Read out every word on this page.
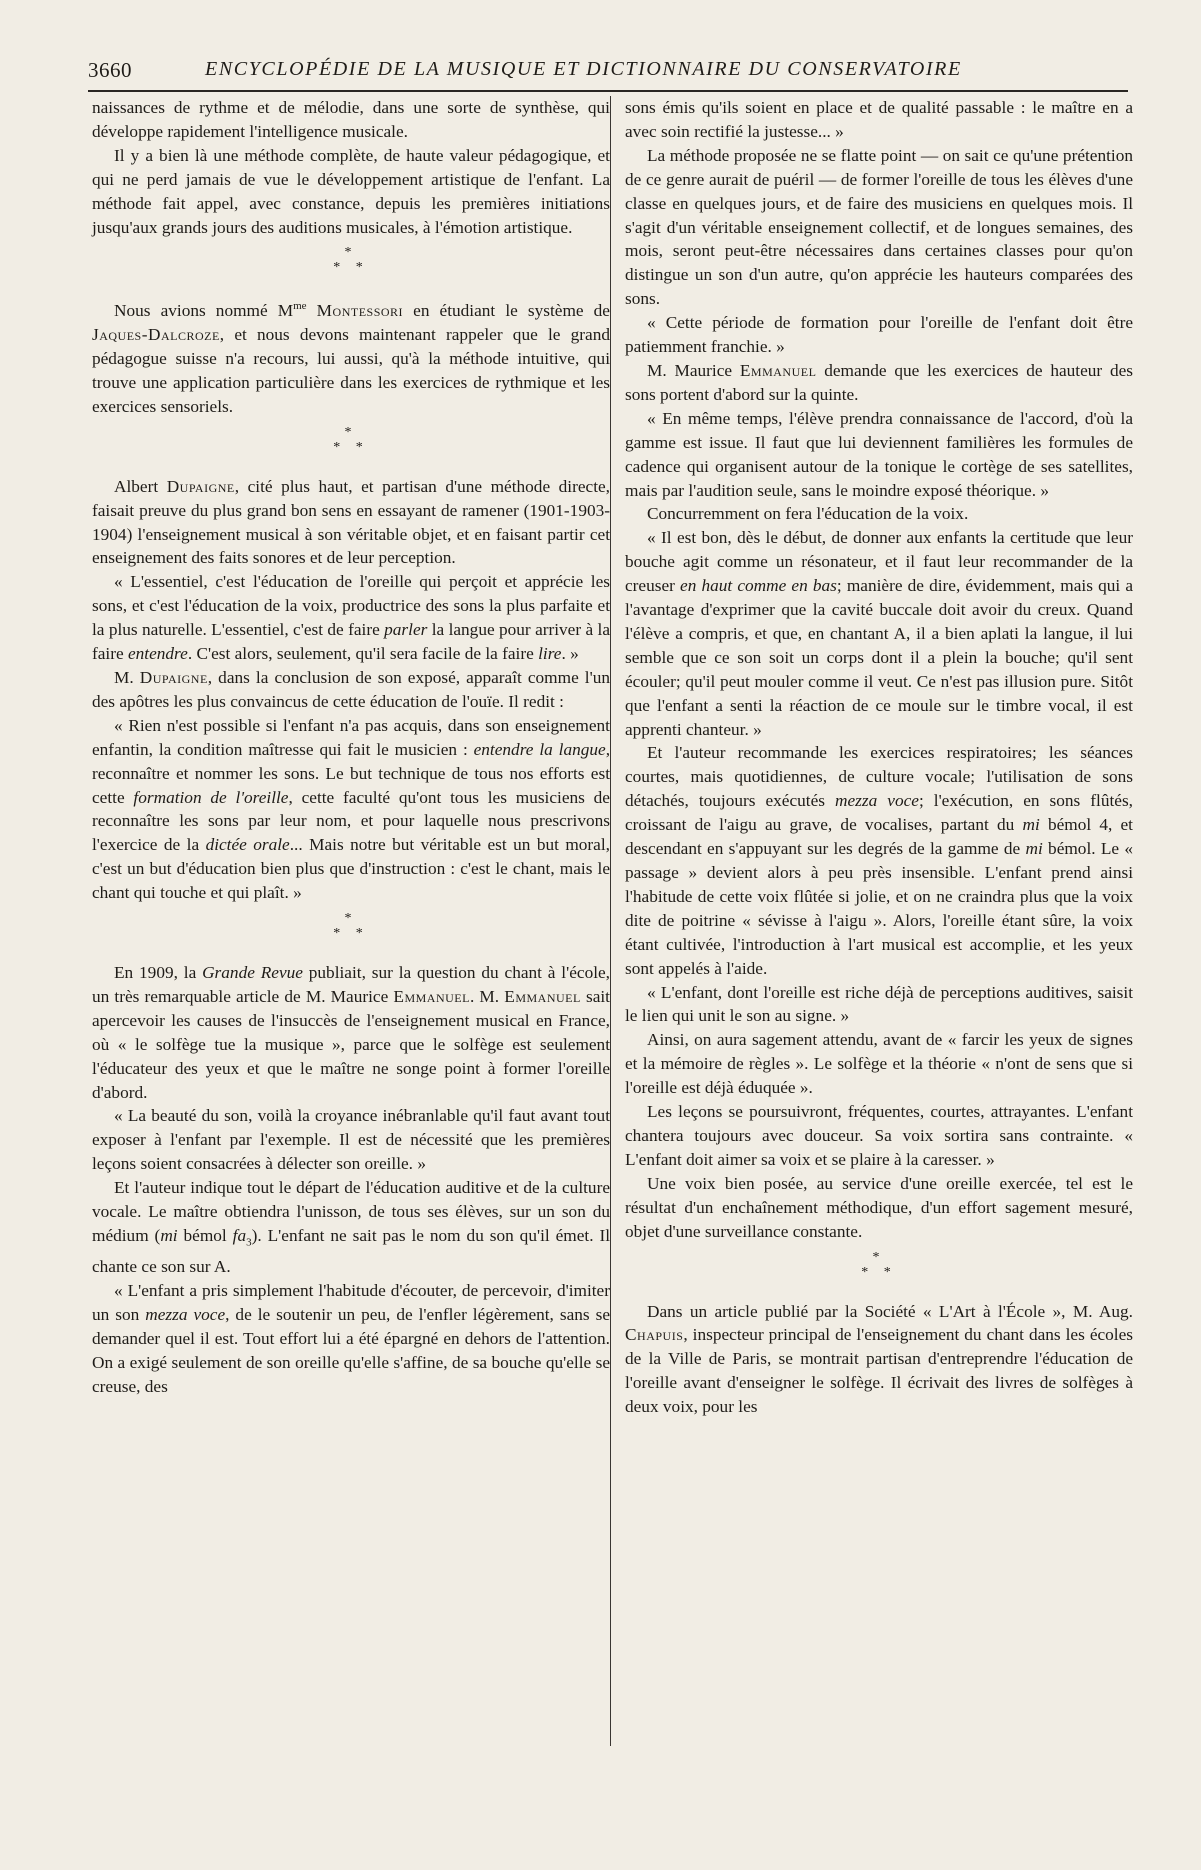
3660	ENCYCLOPÉDIE DE LA MUSIQUE ET DICTIONNAIRE DU CONSERVATOIRE

naissances de rythme et de mélodie, dans une sorte de synthèse, qui développe rapidement l'intelligence musicale.

Il y a bien là une méthode complète, de haute valeur pédagogique, et qui ne perd jamais de vue le développement artistique de l'enfant. La méthode fait appel, avec constance, depuis les premières initiations jusqu'aux grands jours des auditions musicales, à l'émotion artistique.

*
* *

Nous avions nommé $M^{me}$ Montessori en étudiant le système de Jaques-Dalcroze, et nous devons maintenant rappeler que le grand pédagogue suisse n'a recours, lui aussi, qu'à la méthode intuitive, qui trouve une application particulière dans les exercices de rythmique et les exercices sensoriels.

*
* *

Albert Dupaigne, cité plus haut, et partisan d'une méthode directe, faisait preuve du plus grand bon sens en essayant de ramener (1901-1903-1904) l'enseignement musical à son véritable objet, et en faisant partir cet enseignement des faits sonores et de leur perception.

« L'essentiel, c'est l'éducation de l'oreille qui perçoit et apprécie les sons, et c'est l'éducation de la voix, productrice des sons la plus parfaite et la plus naturelle. L'essentiel, c'est de faire parler la langue pour arriver à la faire entendre. C'est alors, seulement, qu'il sera facile de la faire lire. »

M. Dupaigne, dans la conclusion de son exposé, apparaît comme l'un des apôtres les plus convaincus de cette éducation de l'ouïe. Il redit :

« Rien n'est possible si l'enfant n'a pas acquis, dans son enseignement enfantin, la condition maîtresse qui fait le musicien : entendre la langue, reconnaître et nommer les sons. Le but technique de tous nos efforts est cette formation de l'oreille, cette faculté qu'ont tous les musiciens de reconnaître les sons par leur nom, et pour laquelle nous prescrivons l'exercice de la dictée orale... Mais notre but véritable est un but moral, c'est un but d'éducation bien plus que d'instruction : c'est le chant, mais le chant qui touche et qui plaît. »

*
* *

En 1909, la Grande Revue publiait, sur la question du chant à l'école, un très remarquable article de M. Maurice Emmanuel. M. Emmanuel sait apercevoir les causes de l'insuccès de l'enseignement musical en France, où « le solfège tue la musique », parce que le solfège est seulement l'éducateur des yeux et que le maître ne songe point à former l'oreille d'abord.

« La beauté du son, voilà la croyance inébranlable qu'il faut avant tout exposer à l'enfant par l'exemple. Il est de nécessité que les premières leçons soient consacrées à délecter son oreille. »

Et l'auteur indique tout le départ de l'éducation auditive et de la culture vocale. Le maître obtiendra l'unisson, de tous ses élèves, sur un son du médium (mi bémol $fa_3$). L'enfant ne sait pas le nom du son qu'il émet. Il chante ce son sur A.

« L'enfant a pris simplement l'habitude d'écouter, de percevoir, d'imiter un son mezza voce, de le soutenir un peu, de l'enfler légèrement, sans se demander quel il est. Tout effort lui a été épargné en dehors de l'attention. On a exigé seulement de son oreille qu'elle s'affine, de sa bouche qu'elle se creuse, des

sons émis qu'ils soient en place et de qualité passable : le maître en a avec soin rectifié la justesse... »

La méthode proposée ne se flatte point — on sait ce qu'une prétention de ce genre aurait de puéril — de former l'oreille de tous les élèves d'une classe en quelques jours, et de faire des musiciens en quelques mois. Il s'agit d'un véritable enseignement collectif, et de longues semaines, des mois, seront peut-être nécessaires dans certaines classes pour qu'on distingue un son d'un autre, qu'on apprécie les hauteurs comparées des sons.

« Cette période de formation pour l'oreille de l'enfant doit être patiemment franchie. »

M. Maurice Emmanuel demande que les exercices de hauteur des sons portent d'abord sur la quinte.

« En même temps, l'élève prendra connaissance de l'accord, d'où la gamme est issue. Il faut que lui deviennent familières les formules de cadence qui organisent autour de la tonique le cortège de ses satellites, mais par l'audition seule, sans le moindre exposé théorique. »

Concurremment on fera l'éducation de la voix.

« Il est bon, dès le début, de donner aux enfants la certitude que leur bouche agit comme un résonateur, et il faut leur recommander de la creuser en haut comme en bas; manière de dire, évidemment, mais qui a l'avantage d'exprimer que la cavité buccale doit avoir du creux. Quand l'élève a compris, et que, en chantant A, il a bien aplati la langue, il lui semble que ce son soit un corps dont il a plein la bouche; qu'il sent écouler; qu'il peut mouler comme il veut. Ce n'est pas illusion pure. Sitôt que l'enfant a senti la réaction de ce moule sur le timbre vocal, il est apprenti chanteur. »

Et l'auteur recommande les exercices respiratoires; les séances courtes, mais quotidiennes, de culture vocale; l'utilisation de sons détachés, toujours exécutés mezza voce; l'exécution, en sons flûtés, croissant de l'aigu au grave, de vocalises, partant du mi bémol 4, et descendant en s'appuyant sur les degrés de la gamme de mi bémol. Le « passage » devient alors à peu près insensible. L'enfant prend ainsi l'habitude de cette voix flûtée si jolie, et on ne craindra plus que la voix dite de poitrine « sévisse à l'aigu ». Alors, l'oreille étant sûre, la voix étant cultivée, l'introduction à l'art musical est accomplie, et les yeux sont appelés à l'aide.

« L'enfant, dont l'oreille est riche déjà de perceptions auditives, saisit le lien qui unit le son au signe. »

Ainsi, on aura sagement attendu, avant de « farcir les yeux de signes et la mémoire de règles ». Le solfège et la théorie « n'ont de sens que si l'oreille est déjà éduquée ».

Les leçons se poursuivront, fréquentes, courtes, attrayantes. L'enfant chantera toujours avec douceur. Sa voix sortira sans contrainte. « L'enfant doit aimer sa voix et se plaire à la caresser. »

Une voix bien posée, au service d'une oreille exercée, tel est le résultat d'un enchaînement méthodique, d'un effort sagement mesuré, objet d'une surveillance constante.

*
* *

Dans un article publié par la Société « L'Art à l'École », M. Aug. Chapuis, inspecteur principal de l'enseignement du chant dans les écoles de la Ville de Paris, se montrait partisan d'entreprendre l'éducation de l'oreille avant d'enseigner le solfège. Il écrivait des livres de solfèges à deux voix, pour les
